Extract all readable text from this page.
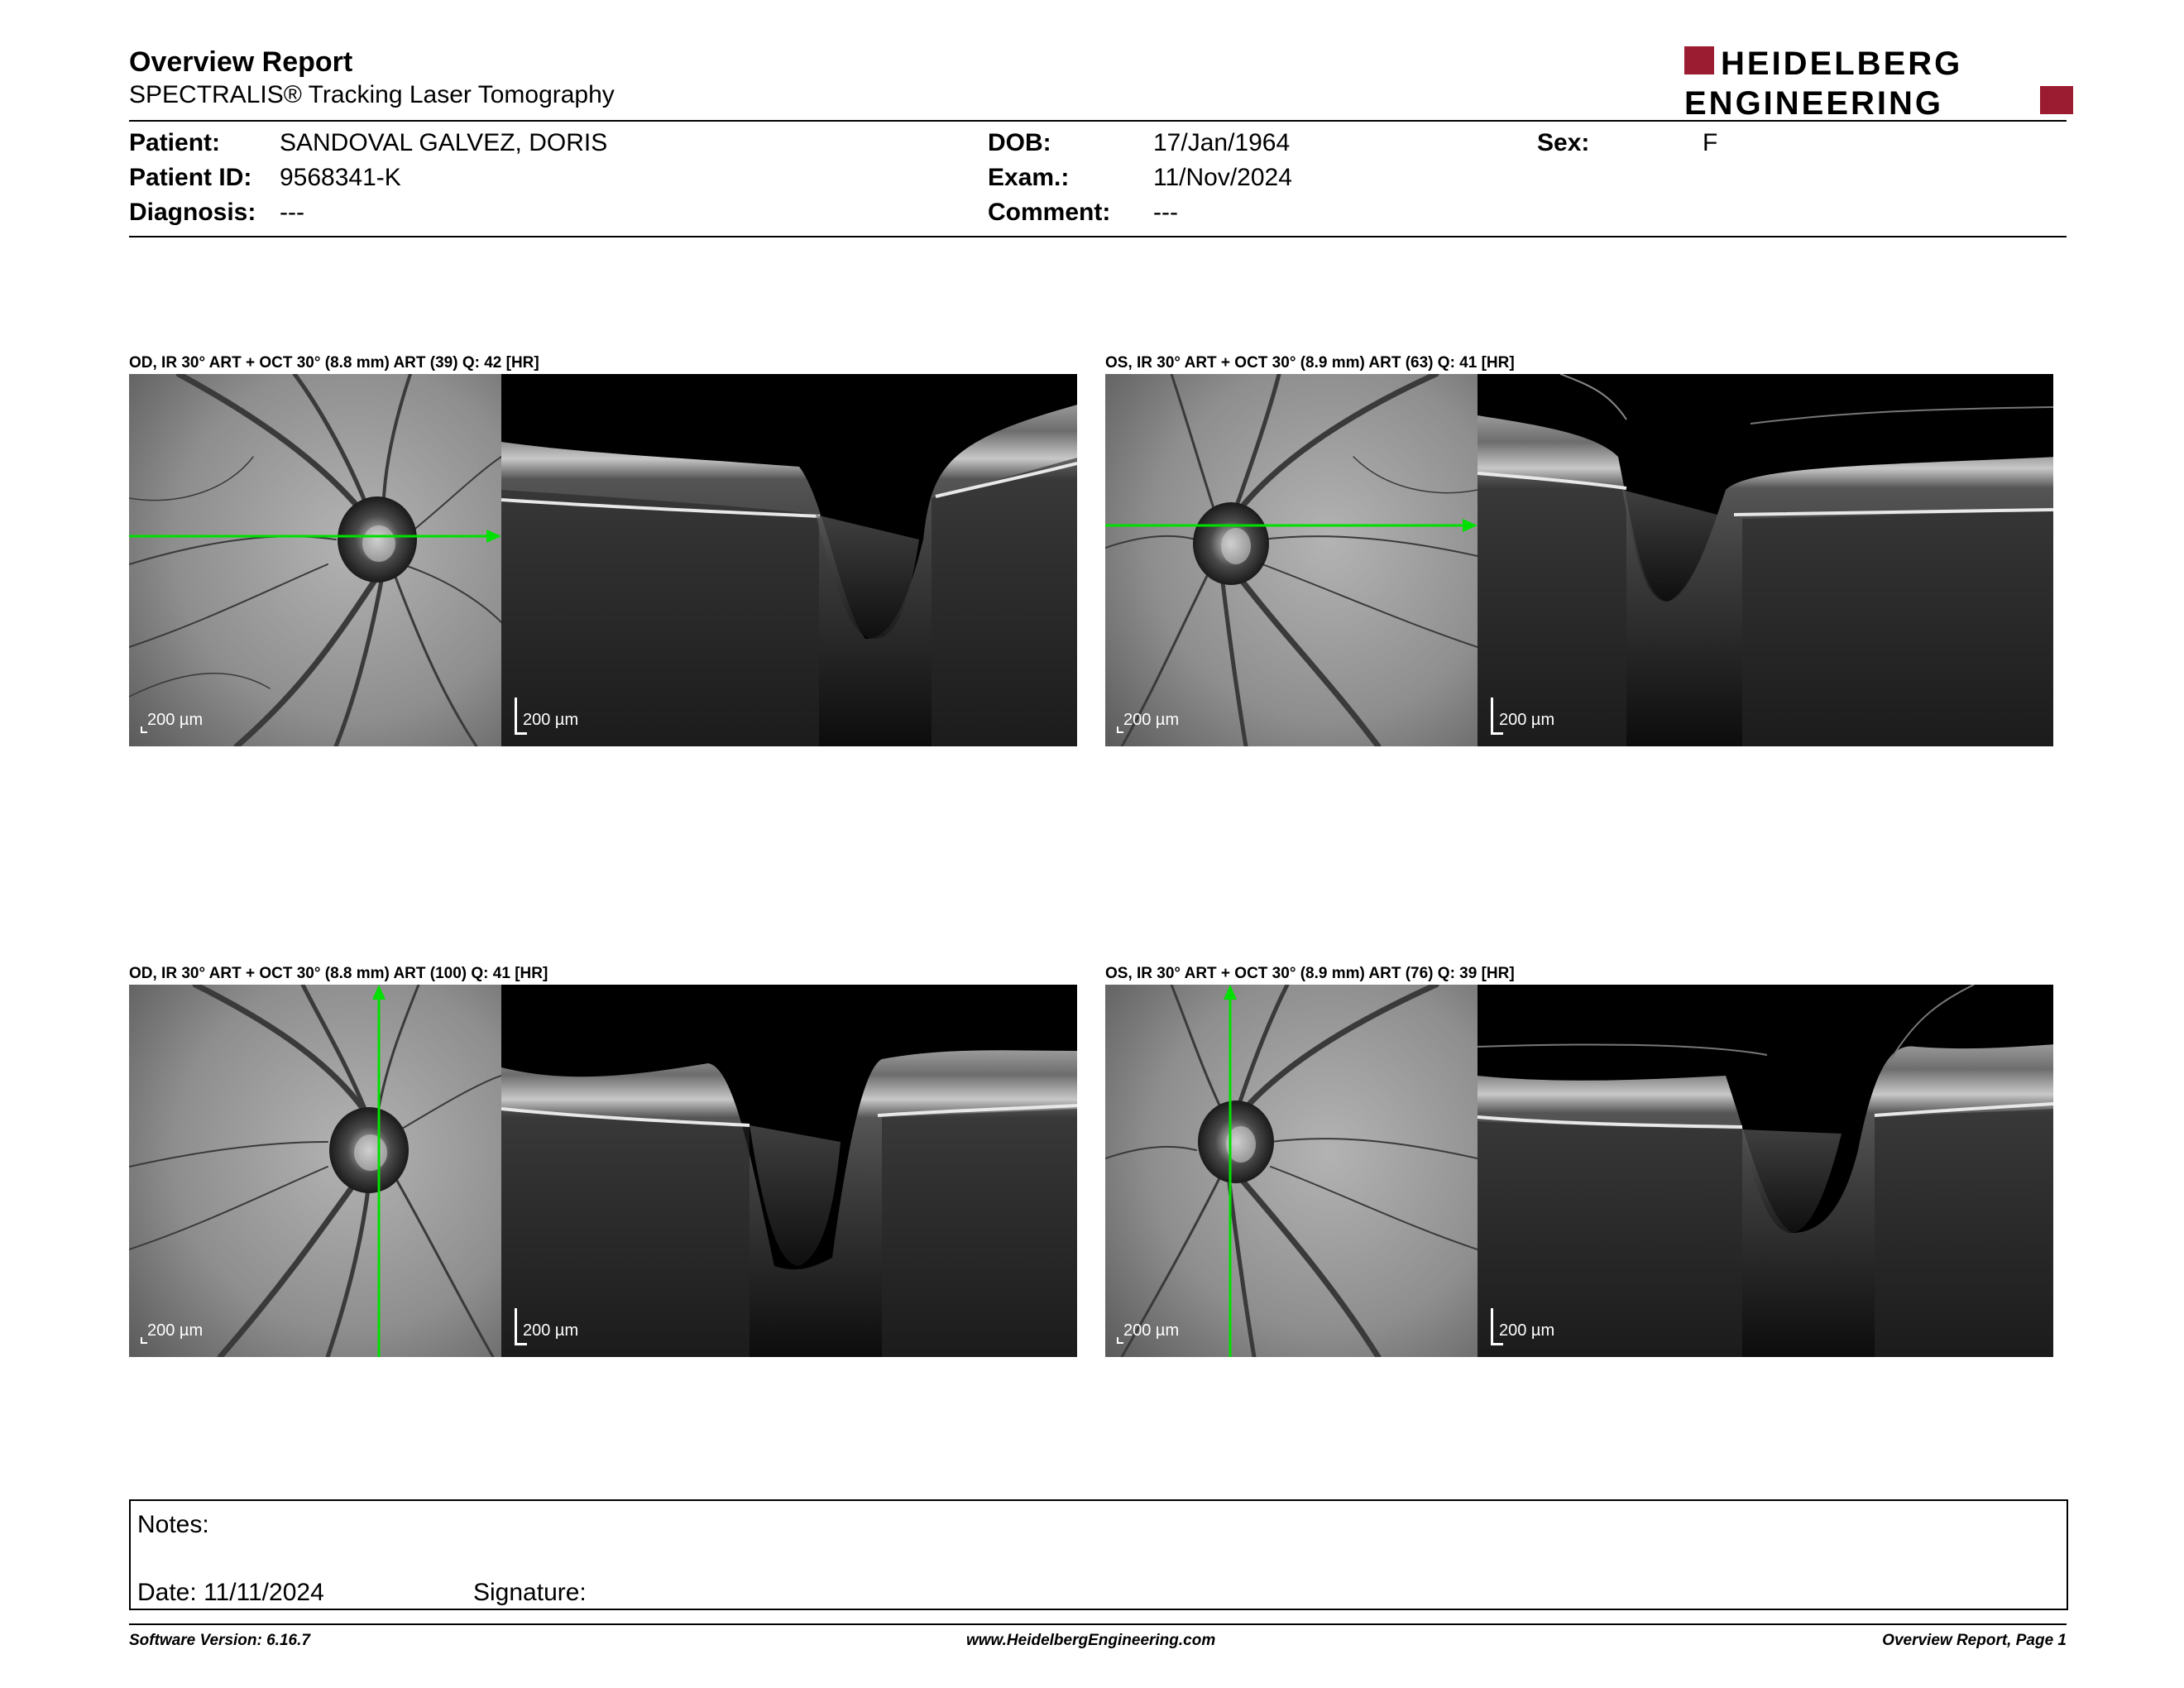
Overview Report
SPECTRALIS® Tracking Laser Tomography
HEIDELBERG
ENGINEERING
Patient: SANDOVAL GALVEZ, DORIS
Patient ID: 9568341-K
Diagnosis: ---
DOB:	17/Jan/1964
Exam.:	11/Nov/2024
Comment: ---
Sex:	F
OD, IR 30° ART + OCT 30° (8.8 mm) ART (39) Q: 42 [HR]
200 µm	200 µm
OS, IR 30° ART + OCT 30° (8.9 mm) ART (63) Q: 41 [HR]
200 µm	200 µm
OD, IR 30° ART + OCT 30° (8.8 mm) ART (100) Q: 41 [HR]
200 µm	200 µm
OS, IR 30° ART + OCT 30° (8.9 mm) ART (76) Q: 39 [HR]
200 µm	200 µm
Notes:
Date: 11/11/2024	Signature:
Software Version: 6.16.7	www.HeidelbergEngineering.com	Overview Report, Page 1
